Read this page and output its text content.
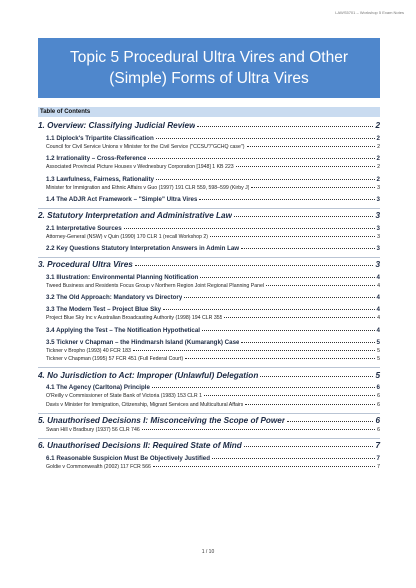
LAWS5701 – Workshop 5 Exam Notes
Topic 5 Procedural Ultra Vires and Other (Simple) Forms of Ultra Vires
Table of Contents
1. Overview: Classifying Judicial Review	2
1.1 Diplock's Tripartite Classification	2
Council for Civil Service Unions v Minister for the Civil Service ("CCSU"/"GCHQ case")	2
1.2 Irrationality – Cross-Reference	2
Associated Provincial Picture Houses v Wednesbury Corporation [1948] 1 KB 223	2
1.3 Lawfulness, Fairness, Rationality	2
Minister for Immigration and Ethnic Affairs v Guo (1997) 191 CLR 559, 598–599 (Kirby J)	3
1.4 The ADJR Act Framework – "Simple" Ultra Vires	3
2. Statutory Interpretation and Administrative Law	3
2.1 Interpretative Sources	3
Attorney-General (NSW) v Quin (1990) 170 CLR 1 (recall Workshop 2)	3
2.2 Key Questions Statutory Interpretation Answers in Admin Law	3
3. Procedural Ultra Vires	3
3.1 Illustration: Environmental Planning Notification	4
Tweed Business and Residents Focus Group v Northern Region Joint Regional Planning Panel	4
3.2 The Old Approach: Mandatory vs Directory	4
3.3 The Modern Test – Project Blue Sky	4
Project Blue Sky Inc v Australian Broadcasting Authority (1998) 194 CLR 355	4
3.4 Applying the Test – The Notification Hypothetical	4
3.5 Tickner v Chapman – the Hindmarsh Island (Kumarangk) Case	5
Tickner v Bropho (1993) 40 FCR 183	5
Tickner v Chapman (1995) 57 FCR 451 (Full Federal Court)	5
4. No Jurisdiction to Act: Improper (Unlawful) Delegation	5
4.1 The Agency (Carltona) Principle	6
O'Reilly v Commissioner of State Bank of Victoria (1983) 153 CLR 1	6
Davis v Minister for Immigration, Citizenship, Migrant Services and Multicultural Affairs	6
5. Unauthorised Decisions I: Misconceiving the Scope of Power	6
Swan Hill v Bradbury (1937) 56 CLR 746	6
6. Unauthorised Decisions II: Required State of Mind	7
6.1 Reasonable Suspicion Must Be Objectively Justified	7
Goldie v Commonwealth (2002) 117 FCR 566	7
1 / 10
